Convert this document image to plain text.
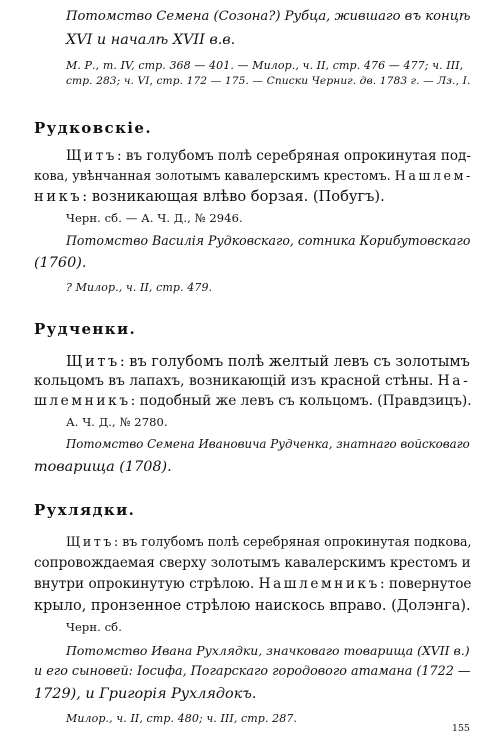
Потомство Семена (Созона?) Рубца, жившаго въ концѣ
XVI и началѣ XVII в.в.
М. Р., т. IV, стр. 368 — 401. — Милор., ч. II, стр. 476 — 477; ч. III,
стр. 283; ч. VI, стр. 172 — 175. — Списки Черниг. дв. 1783 г. — Лз., I.
Рудковскіе.
Щитъ: въ голубомъ полѣ серебряная опрокинутая под-
кова, увѣнчанная золотымъ кавалерскимъ крестомъ. Нашлем-
никъ: возникающая влѣво борзая. (Побугъ).
Черн. сб. — А. Ч. Д., № 2946.
Потомство Василія Рудковскаго, сотника Корибутовскаго
(1760).
? Милор., ч. II, стр. 479.
Рудченки.
Щитъ: въ голубомъ полѣ желтый левъ съ золотымъ
кольцомъ въ лапахъ, возникающій изъ красной стѣны. На-
шлемникъ: подобный же левъ съ кольцомъ. (Правдзицъ).
А. Ч. Д., № 2780.
Потомство Семена Ивановича Рудченка, знатнаго войсковаго
товарища (1708).
Рухлядки.
Щитъ: въ голубомъ полѣ серебряная опрокинутая подкова,
сопровождаемая сверху золотымъ кавалерскимъ крестомъ и
внутри опрокинутую стрѣлою. Нашлемникъ: повернутое
крыло, пронзенное стрѣлою наискось вправо. (Долэнга).
Черн. сб.
Потомство Ивана Рухлядки, значковаго товарища (XVII в.)
и его сыновей: Іосифа, Погарскаго городового атамана (1722 —
1729), и Григорія Рухлядокъ.
Милор., ч. II, стр. 480; ч. III, стр. 287.
155
